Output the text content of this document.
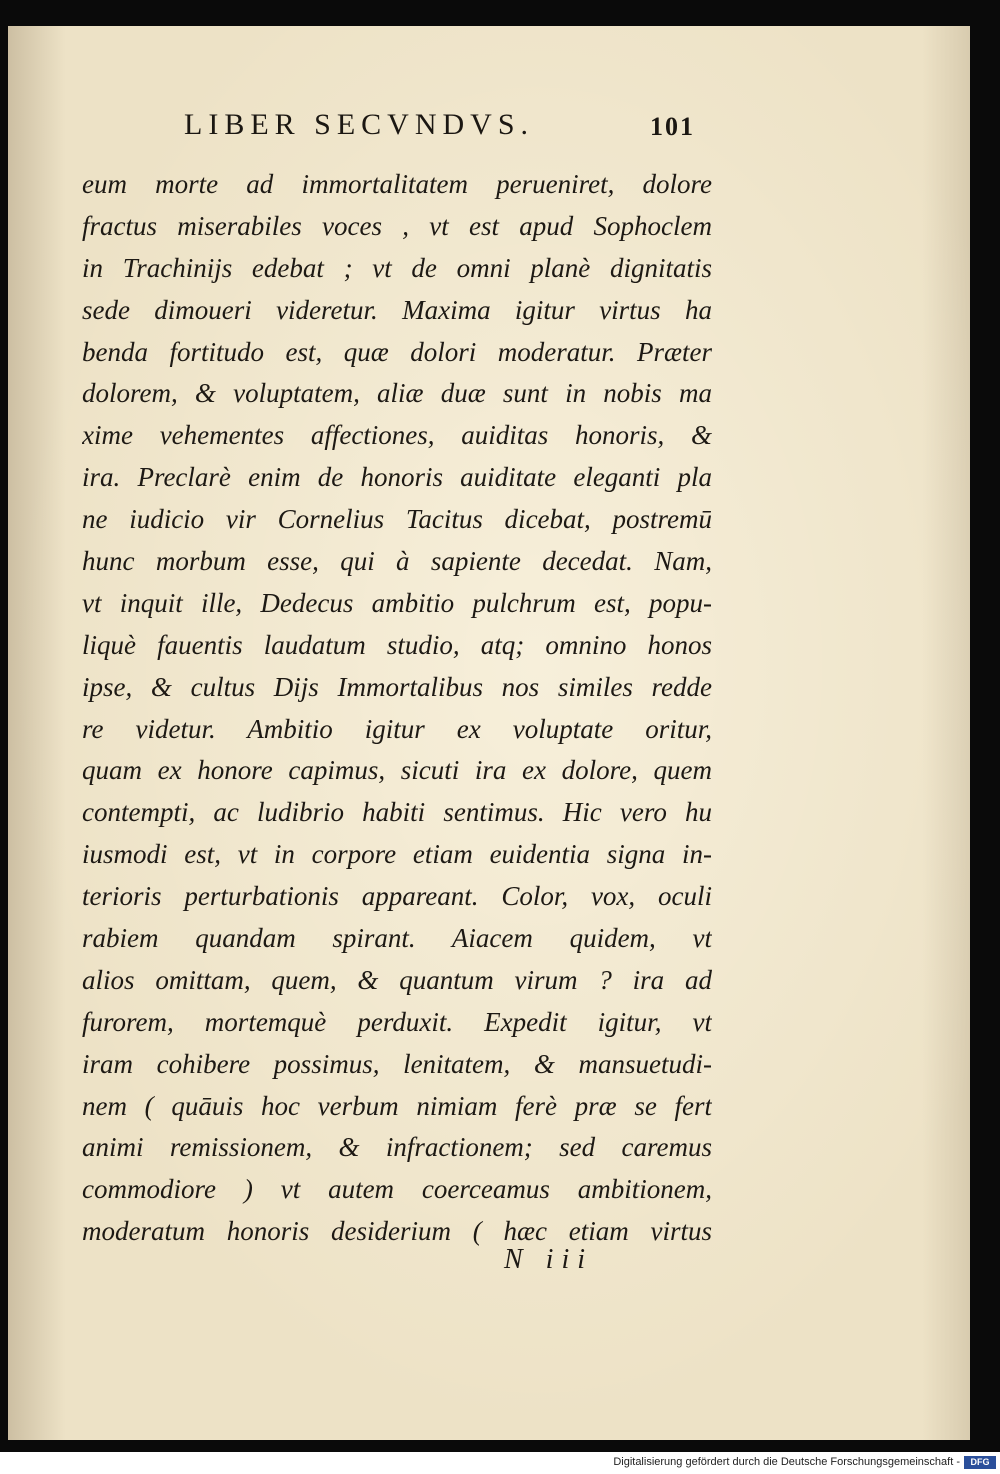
LIBER SECVNDVS.	101
eum morte ad immortalitatem perueniret, dolore
fractus miserabiles voces , vt est apud Sophoclem
in Trachinijs edebat ; vt de omni planè dignitatis
sede dimoueri videretur. Maxima igitur virtus ha
benda fortitudo est, quæ dolori moderatur. Præter
dolorem, & voluptatem, aliæ duæ sunt in nobis ma
xime vehementes affectiones, auiditas honoris, &
ira. Preclarè enim de honoris auiditate eleganti pla
ne iudicio vir Cornelius Tacitus dicebat, postremū
hunc morbum esse, qui à sapiente decedat. Nam,
vt inquit ille, Dedecus ambitio pulchrum est, popu-
liquè fauentis laudatum studio, atq; omnino honos
ipse, & cultus Dijs Immortalibus nos similes redde
re videtur. Ambitio igitur ex voluptate oritur,
quam ex honore capimus, sicuti ira ex dolore, quem
contempti, ac ludibrio habiti sentimus. Hic vero hu
iusmodi est, vt in corpore etiam euidentia signa in-
terioris perturbationis appareant. Color, vox, oculi
rabiem quandam spirant. Aiacem quidem, vt
alios omittam, quem, & quantum virum ? ira ad
furorem, mortemquè perduxit. Expedit igitur, vt
iram cohibere possimus, lenitatem, & mansuetudi-
nem ( quāuis hoc verbum nimiam ferè præ se fert
animi remissionem, & infractionem; sed caremus
commodiore ) vt autem coerceamus ambitionem,
moderatum honoris desiderium ( hæc etiam virtus
N iii
Digitalisierung gefördert durch die Deutsche Forschungsgemeinschaft -	DFG
